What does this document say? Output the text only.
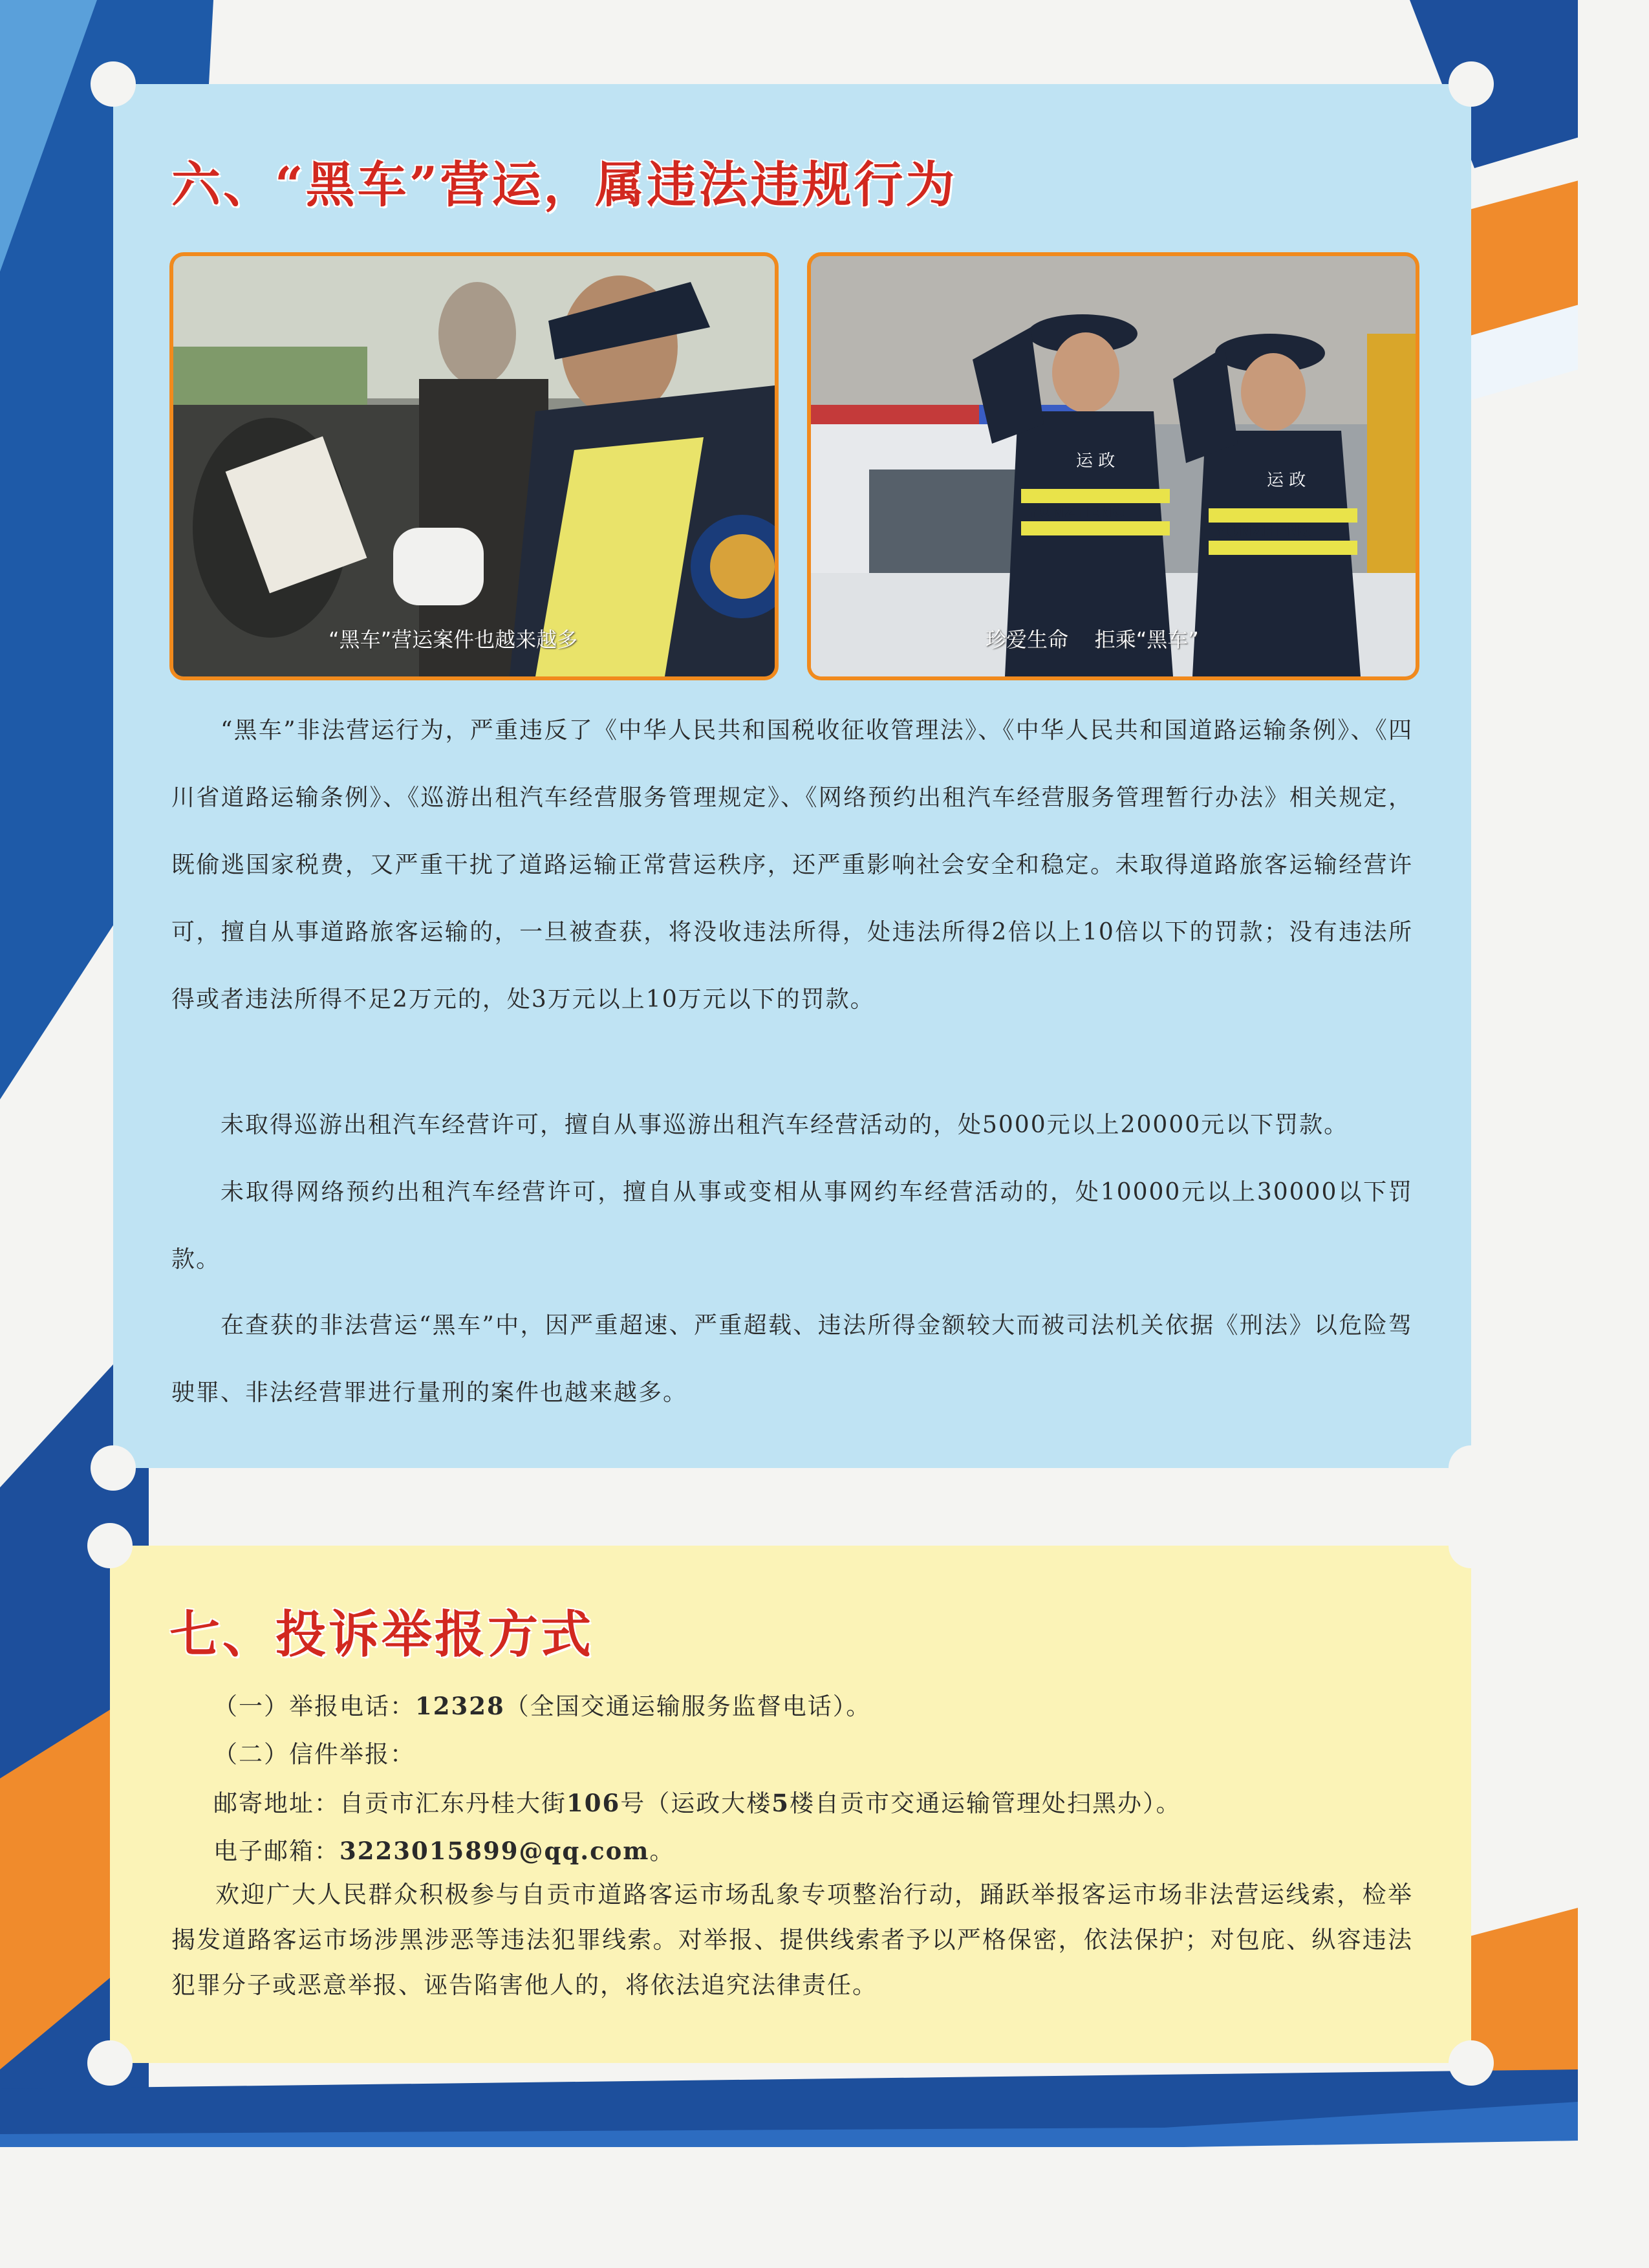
六、“黑车”营运，属违法违规行为
“黑车”营运案件也越来越多
运 政
运 政
YUNZHENG
YUNZHENG
珍爱生命    拒乘“黑车”
“黑车”非法营运行为，严重违反了《中华人民共和国税收征收管理法》、《中华人民共和国道路运输条例》、《四川省道路运输条例》、《巡游出租汽车经营服务管理规定》、《网络预约出租汽车经营服务管理暂行办法》相关规定，既偷逃国家税费，又严重干扰了道路运输正常营运秩序，还严重影响社会安全和稳定。未取得道路旅客运输经营许可，擅自从事道路旅客运输的，一旦被查获，将没收违法所得，处违法所得2倍以上10倍以下的罚款；没有违法所得或者违法所得不足2万元的，处3万元以上10万元以下的罚款。
未取得巡游出租汽车经营许可，擅自从事巡游出租汽车经营活动的，处5000元以上20000元以下罚款。
未取得网络预约出租汽车经营许可，擅自从事或变相从事网约车经营活动的，处10000元以上30000以下罚款。
在查获的非法营运“黑车”中，因严重超速、严重超载、违法所得金额较大而被司法机关依据《刑法》以危险驾驶罪、非法经营罪进行量刑的案件也越来越多。
七、投诉举报方式
（一）举报电话：12328（全国交通运输服务监督电话）。
（二）信件举报：
邮寄地址：自贡市汇东丹桂大街106号（运政大楼5楼自贡市交通运输管理处扫黑办）。
电子邮箱：3223015899@qq.com。
欢迎广大人民群众积极参与自贡市道路客运市场乱象专项整治行动，踊跃举报客运市场非法营运线索，检举揭发道路客运市场涉黑涉恶等违法犯罪线索。对举报、提供线索者予以严格保密，依法保护；对包庇、纵容违法犯罪分子或恶意举报、诬告陷害他人的，将依法追究法律责任。
